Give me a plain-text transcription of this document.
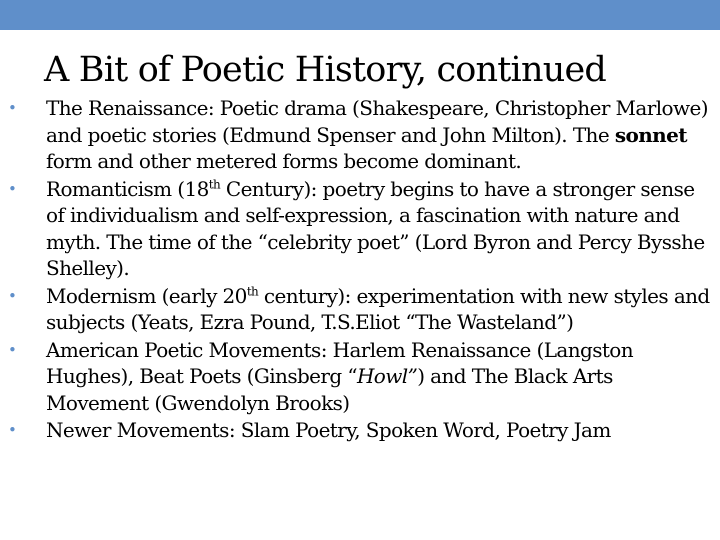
A Bit of Poetic History, continued
•	The Renaissance: Poetic drama (Shakespeare, Christopher Marlowe) and poetic stories (Edmund Spenser and John Milton). The sonnet form and other metered forms become dominant.
•	Romanticism (18th Century): poetry begins to have a stronger sense of individualism and self-expression, a fascination with nature and myth. The time of the “celebrity poet” (Lord Byron and Percy Bysshe Shelley).
•	Modernism (early 20th century): experimentation with new styles and subjects (Yeats, Ezra Pound, T.S.Eliot “The Wasteland”)
•	American Poetic Movements: Harlem Renaissance (Langston Hughes), Beat Poets (Ginsberg “Howl”) and The Black Arts Movement (Gwendolyn Brooks)
•	Newer Movements: Slam Poetry, Spoken Word, Poetry Jam
